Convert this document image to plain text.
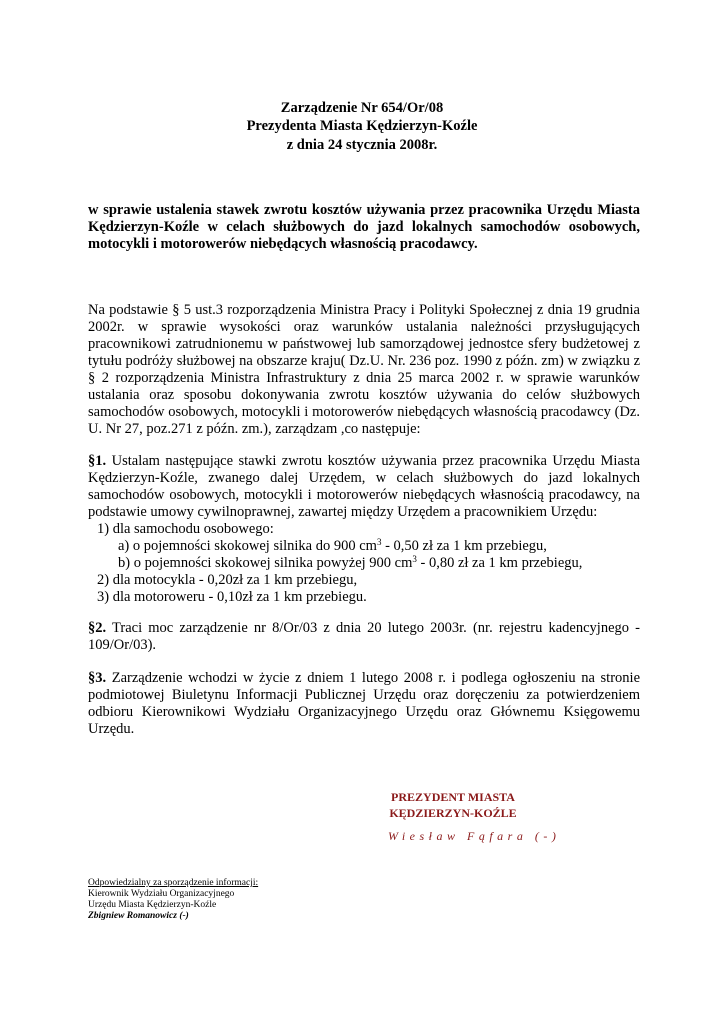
Zarządzenie Nr 654/Or/08
Prezydenta Miasta Kędzierzyn-Koźle
z dnia 24 stycznia 2008r.
w sprawie ustalenia stawek zwrotu kosztów używania przez pracownika Urzędu Miasta Kędzierzyn-Koźle w celach służbowych do jazd lokalnych samochodów osobowych, motocykli i motorowerów niebędących własnością pracodawcy.
Na podstawie § 5 ust.3 rozporządzenia Ministra Pracy i Polityki Społecznej z dnia 19 grudnia 2002r. w sprawie wysokości oraz warunków ustalania należności przysługujących pracownikowi zatrudnionemu w państwowej lub samorządowej jednostce sfery budżetowej z tytułu podróży służbowej na obszarze kraju( Dz.U. Nr. 236 poz. 1990 z późn. zm) w związku z § 2 rozporządzenia Ministra Infrastruktury z dnia 25 marca 2002 r. w sprawie warunków ustalania oraz sposobu dokonywania zwrotu kosztów używania do celów służbowych samochodów osobowych, motocykli i motorowerów niebędących własnością pracodawcy (Dz. U. Nr 27, poz.271 z późn. zm.), zarządzam ,co następuje:
§1. Ustalam następujące stawki zwrotu kosztów używania przez pracownika Urzędu Miasta Kędzierzyn-Koźle, zwanego dalej Urzędem, w celach służbowych do jazd lokalnych samochodów osobowych, motocykli i motorowerów niebędących własnością pracodawcy, na podstawie umowy cywilnoprawnej, zawartej między Urzędem a pracownikiem Urzędu:
1) dla samochodu osobowego:
a) o pojemności skokowej silnika do 900 $cm^3 - 0,50$ zł za 1 km przebiegu,
b) o pojemności skokowej silnika powyżej 900 $cm^3 - 0,80$ zł za 1 km przebiegu,
2) dla motocykla - 0,20zł za 1 km przebiegu,
3) dla motoroweru - 0,10zł za 1 km przebiegu.
§2. Traci moc zarządzenie nr 8/Or/03 z dnia 20 lutego 2003r. (nr. rejestru kadencyjnego - 109/Or/03).
§3. Zarządzenie wchodzi w życie z dniem 1 lutego 2008 r. i podlega ogłoszeniu na stronie podmiotowej Biuletynu Informacji Publicznej Urzędu oraz doręczeniu za potwierdzeniem odbioru Kierownikowi Wydziału Organizacyjnego Urzędu oraz Głównemu Księgowemu Urzędu.
PREZYDENT MIASTA
KĘDZIERZYN-KOŹLE
Wiesław Fąfara (-)
Odpowiedzialny za sporządzenie informacji:
Kierownik Wydziału Organizacyjnego
Urzędu Miasta Kędzierzyn-Koźle
Zbigniew Romanowicz (-)
